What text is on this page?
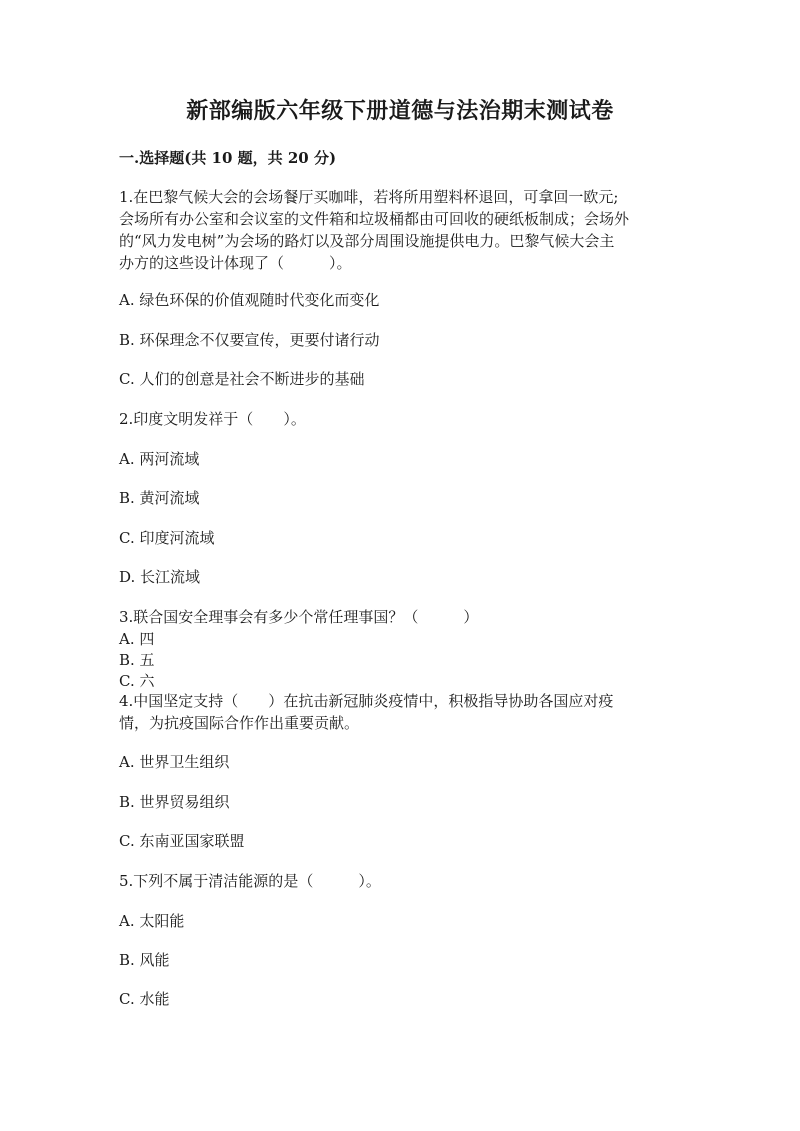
新部编版六年级下册道德与法治期末测试卷
一.选择题(共 10 题，共 20 分)
1.在巴黎气候大会的会场餐厅买咖啡，若将所用塑料杯退回，可拿回一欧元;
会场所有办公室和会议室的文件箱和垃圾桶都由可回收的硬纸板制成；会场外
的“风力发电树”为会场的路灯以及部分周围设施提供电力。巴黎气候大会主
办方的这些设计体现了（　　　）。
A. 绿色环保的价值观随时代变化而变化
B. 环保理念不仅要宣传，更要付诸行动
C. 人们的创意是社会不断进步的基础
2.印度文明发祥于（　　）。
A. 两河流域
B. 黄河流域
C. 印度河流域
D. 长江流域
3.联合国安全理事会有多少个常任理事国？（　　　）
A. 四
B. 五
C. 六
4.中国坚定支持（　　）在抗击新冠肺炎疫情中，积极指导协助各国应对疫
情，为抗疫国际合作作出重要贡献。
A. 世界卫生组织
B. 世界贸易组织
C. 东南亚国家联盟
5.下列不属于清洁能源的是（　　　）。
A. 太阳能
B. 风能
C. 水能
